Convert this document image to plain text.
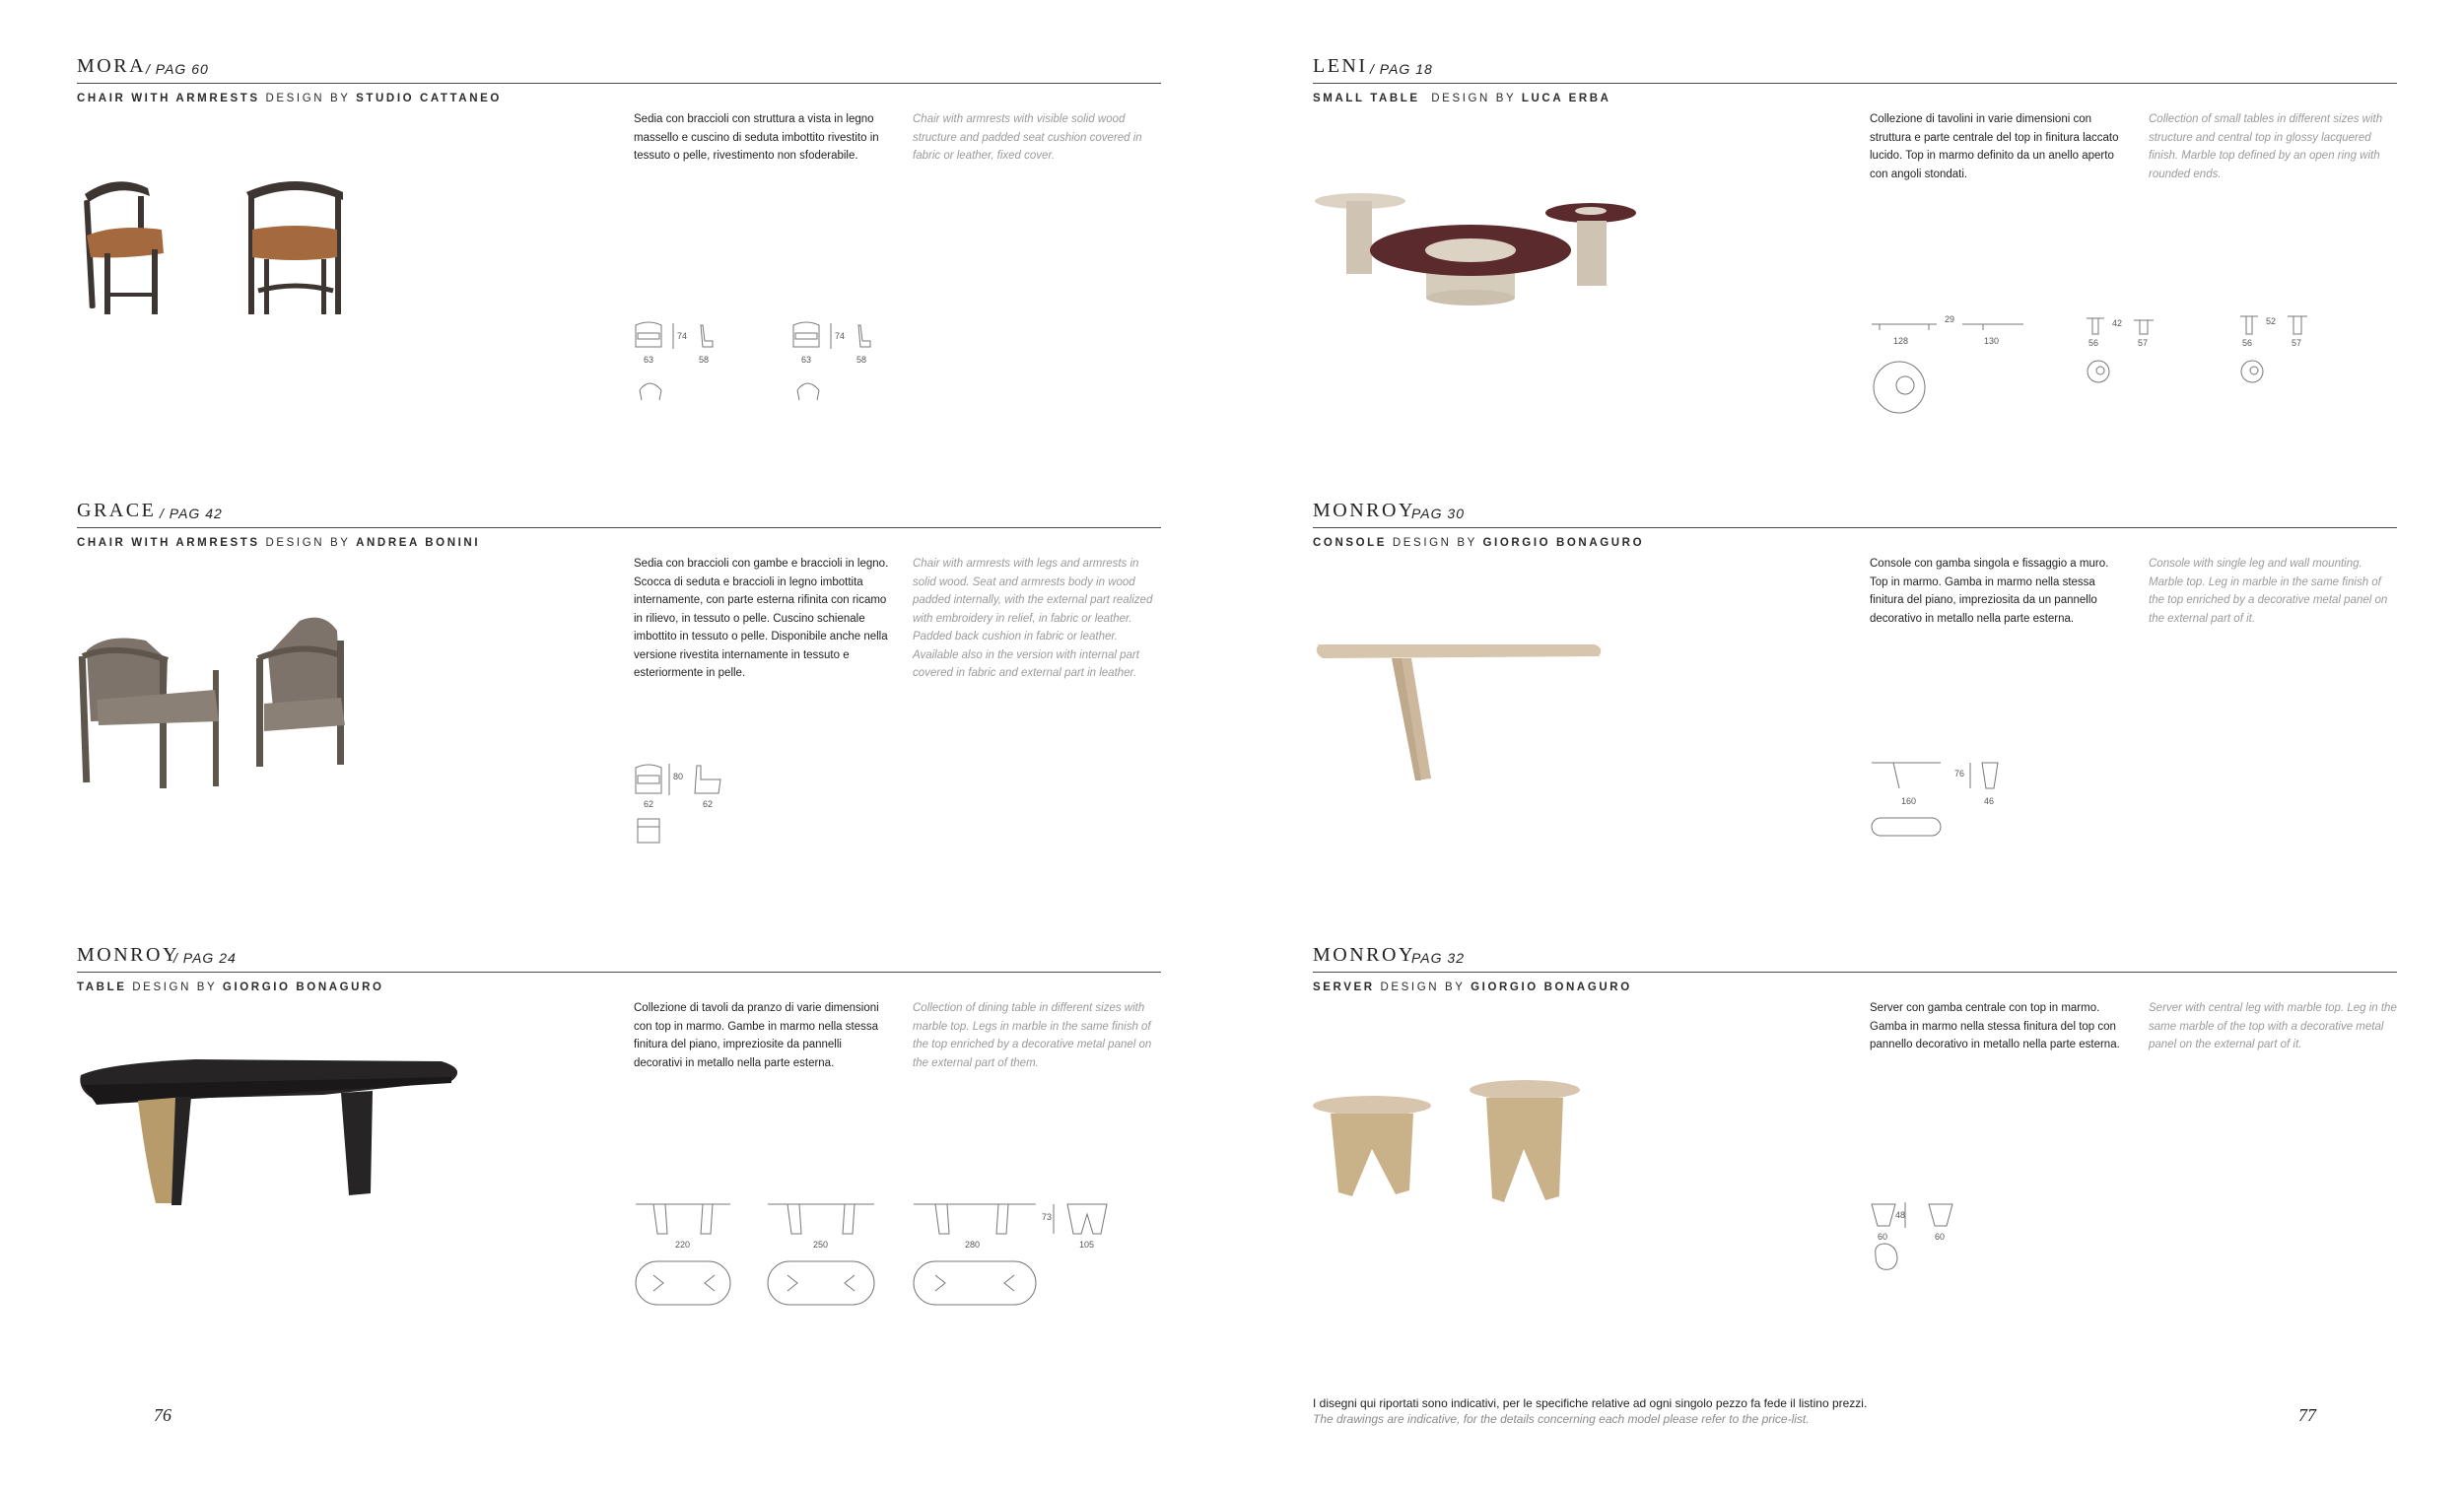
MORA / PAG 60
CHAIR WITH ARMRESTS DESIGN BY STUDIO CATTANEO
Sedia con braccioli con struttura a vista in legno massello e cuscino di seduta imbottito rivestito in tessuto o pelle, rivestimento non sfoderabile.
Chair with armrests with visible solid wood structure and padded seat cushion covered in fabric or leather, fixed cover.
74
63	58
74
63	58
LENI / PAG 18
SMALL TABLE DESIGN BY LUCA ERBA
Collezione di tavolini in varie dimensioni con struttura e parte centrale del top in finitura laccato lucido. Top in marmo definito da un anello aperto con angoli stondati.
Collection of small tables in different sizes with structure and central top in glossy lacquered finish. Marble top defined by an open ring with rounded ends.
29
128	130
42
56	57
52
56	57
GRACE / PAG 42
CHAIR WITH ARMRESTS DESIGN BY ANDREA BONINI
Sedia con braccioli con gambe e braccioli in legno. Scocca di seduta e braccioli in legno imbottita internamente, con parte esterna rifinita con ricamo in rilievo, in tessuto o pelle. Cuscino schienale imbottito in tessuto o pelle. Disponibile anche nella versione rivestita internamente in tessuto e esteriormente in pelle.
Chair with armrests with legs and armrests in solid wood. Seat and armrests body in wood padded internally, with the external part realized with embroidery in relief, in fabric or leather. Padded back cushion in fabric or leather. Available also in the version with internal part covered in fabric and external part in leather.
80
62	62
MONROY
PAG 30
CONSOLE DESIGN BY GIORGIO BONAGURO
Console con gamba singola e fissaggio a muro. Top in marmo. Gamba in marmo nella stessa finitura del piano, impreziosita da un pannello decorativo in metallo nella parte esterna.
Console with single leg and wall mounting. Marble top. Leg in marble in the same finish of the top enriched by a decorative metal panel on the external part of it.
160
76
46
MONROY
/ PAG 24
TABLE DESIGN BY GIORGIO BONAGURO
Collezione di tavoli da pranzo di varie dimensioni con top in marmo. Gambe in marmo nella stessa finitura del piano, impreziosite da pannelli decorativi in metallo nella parte esterna.
Collection of dining table in different sizes with marble top. Legs in marble in the same finish of the top enriched by a decorative metal panel on the external part of them.
220	250	280
73
105
MONROY
PAG 32
SERVER DESIGN BY GIORGIO BONAGURO
Server con gamba centrale con top in marmo. Gamba in marmo nella stessa finitura del top con pannello decorativo in metallo nella parte esterna.
Server with central leg with marble top. Leg in the same marble of the top with a decorative metal panel on the external part of it.
48
60	60
76	77
I disegni qui riportati sono indicativi, per le specifiche relative ad ogni singolo pezzo fa fede il listino prezzi.
The drawings are indicative, for the details concerning each model please refer to the price-list.
